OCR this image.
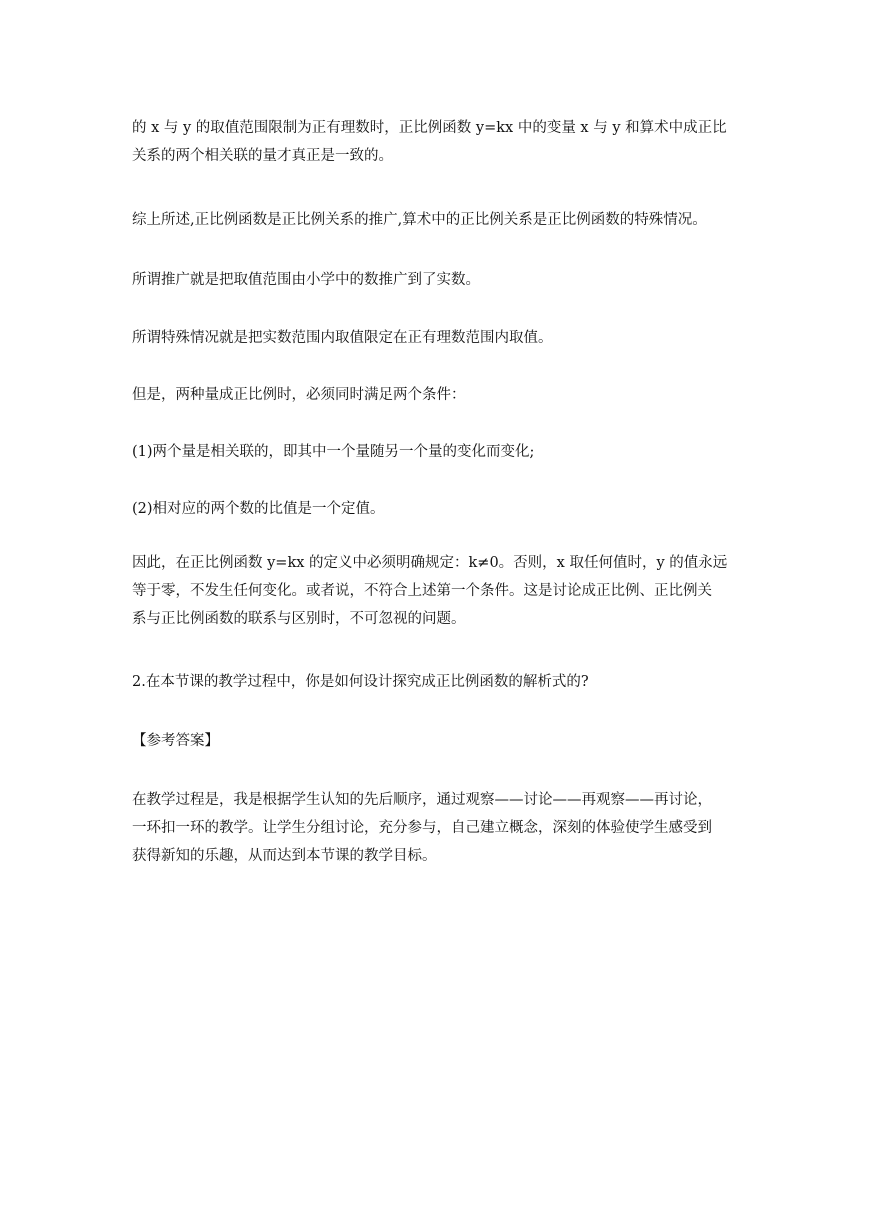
的 x 与 y 的取值范围限制为正有理数时，正比例函数 y=kx 中的变量 x 与 y 和算术中成正比
关系的两个相关联的量才真正是一致的。

综上所述,正比例函数是正比例关系的推广,算术中的正比例关系是正比例函数的特殊情况。

所谓推广就是把取值范围由小学中的数推广到了实数。

所谓特殊情况就是把实数范围内取值限定在正有理数范围内取值。

但是，两种量成正比例时，必须同时满足两个条件：

(1)两个量是相关联的，即其中一个量随另一个量的变化而变化;

(2)相对应的两个数的比值是一个定值。

因此，在正比例函数 y=kx 的定义中必须明确规定：k≠0。否则，x 取任何值时，y 的值永远
等于零，不发生任何变化。或者说，不符合上述第一个条件。这是讨论成正比例、正比例关
系与正比例函数的联系与区别时，不可忽视的问题。

2.在本节课的教学过程中，你是如何设计探究成正比例函数的解析式的?

【参考答案】

在教学过程是，我是根据学生认知的先后顺序，通过观察——讨论——再观察——再讨论，
一环扣一环的教学。让学生分组讨论，充分参与，自己建立概念，深刻的体验使学生感受到
获得新知的乐趣，从而达到本节课的教学目标。
